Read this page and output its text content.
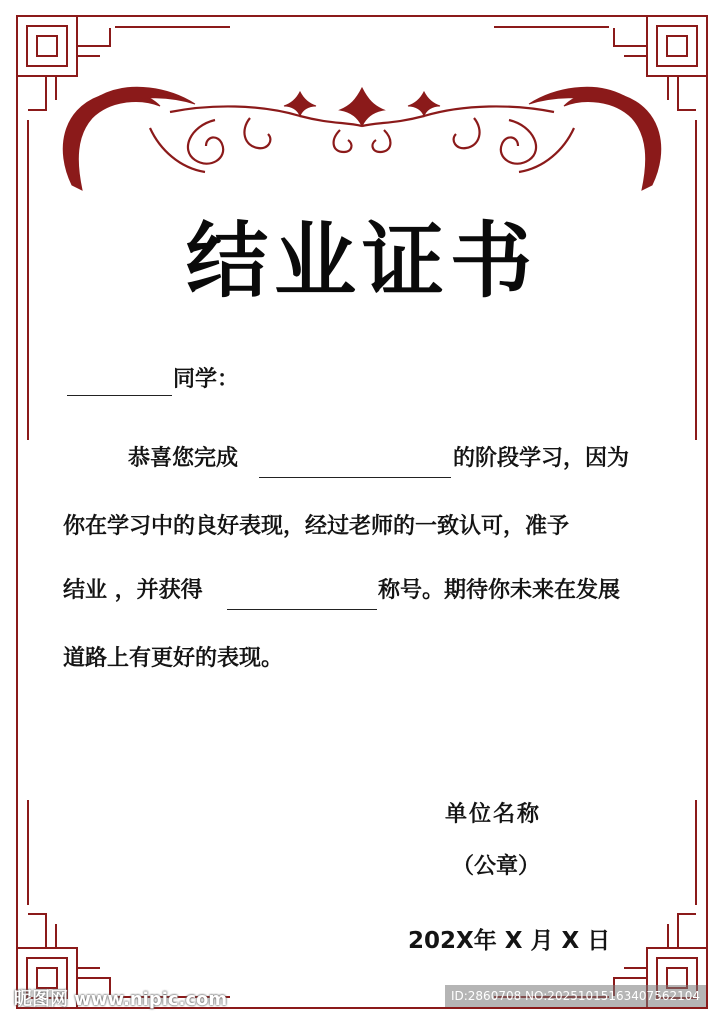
结业证书
同学：
恭喜您完成	的阶段学习，因为
你在学习中的良好表现，经过老师的一致认可，准予
结业 ，并获得	称号。期待你未来在发展
道路上有更好的表现。
单位名称
（公章）
202X年 X 月 X 日
昵图网 www.nipic.com	ID:2860708 NO:20251015163407562104
